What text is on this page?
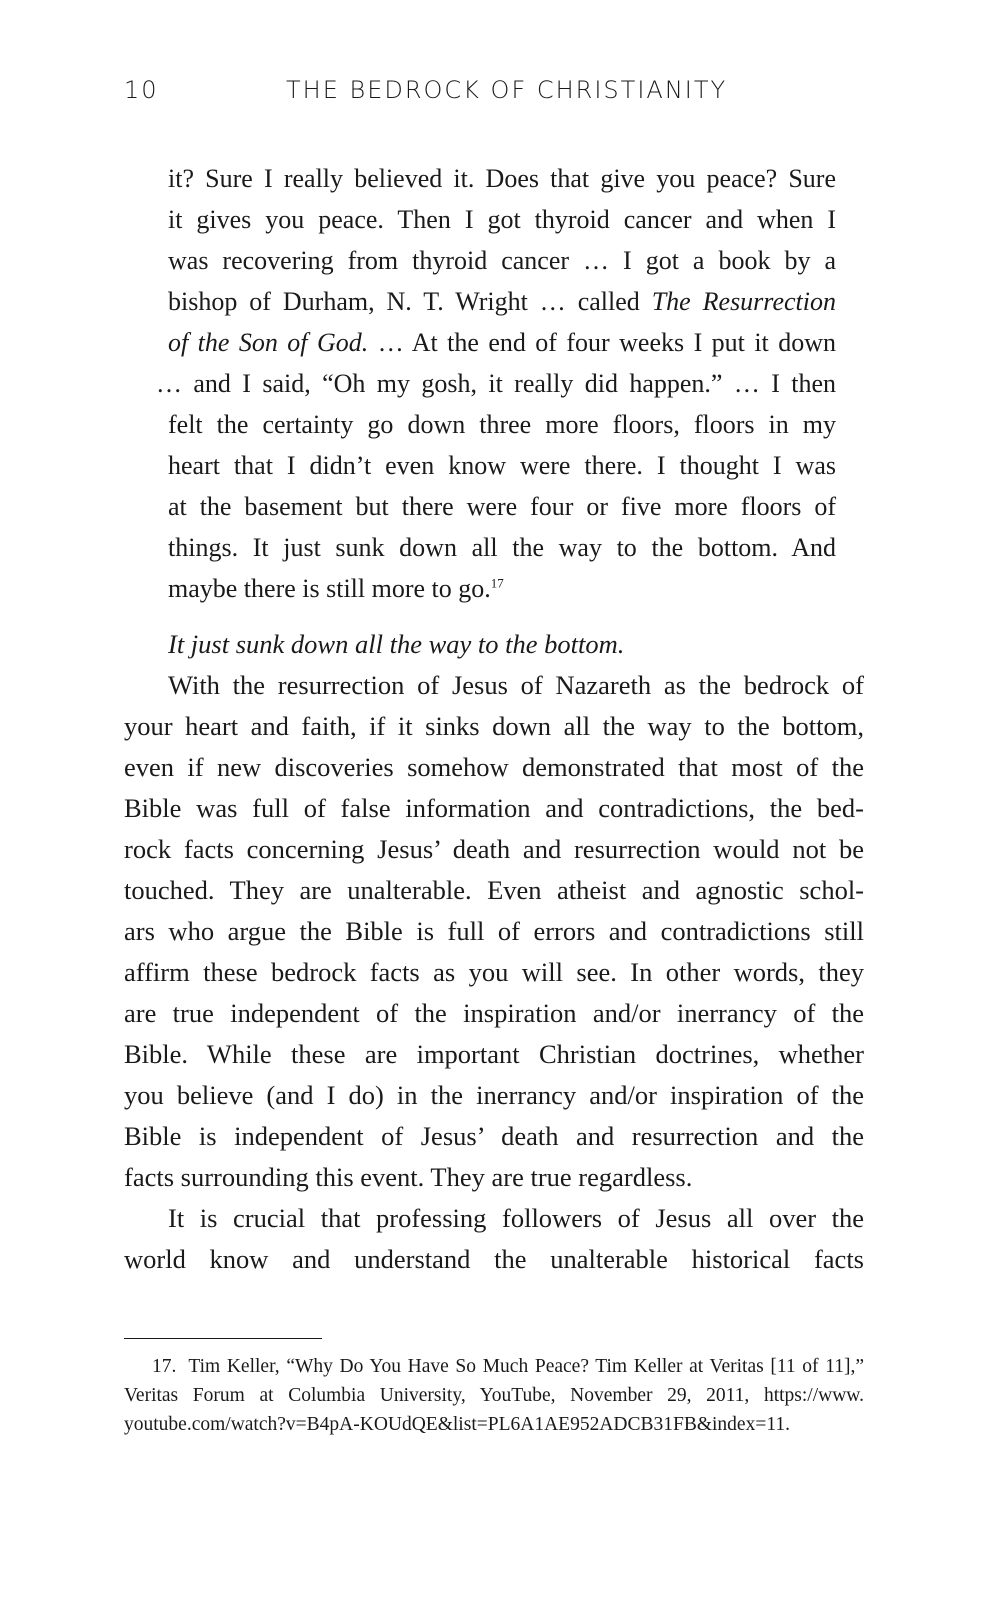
10	THE BEDROCK OF CHRISTIANITY
it? Sure I really believed it. Does that give you peace? Sure
it gives you peace. Then I got thyroid cancer and when I
was recovering from thyroid cancer … I got a book by a
bishop of Durham, N. T. Wright … called The Resurrection
of the Son of God. … At the end of four weeks I put it down
… and I said, “Oh my gosh, it really did happen.” … I then
felt the certainty go down three more floors, floors in my
heart that I didn’t even know were there. I thought I was
at the basement but there were four or five more floors of
things. It just sunk down all the way to the bottom. And
maybe there is still more to go.$^{17}$
It just sunk down all the way to the bottom.
With the resurrection of Jesus of Nazareth as the bedrock of
your heart and faith, if it sinks down all the way to the bottom,
even if new discoveries somehow demonstrated that most of the
Bible was full of false information and contradictions, the bed-
rock facts concerning Jesus’ death and resurrection would not be
touched. They are unalterable. Even atheist and agnostic schol-
ars who argue the Bible is full of errors and contradictions still
affirm these bedrock facts as you will see. In other words, they
are true independent of the inspiration and/or inerrancy of the
Bible. While these are important Christian doctrines, whether
you believe (and I do) in the inerrancy and/or inspiration of the
Bible is independent of Jesus’ death and resurrection and the
facts surrounding this event. They are true regardless.
It is crucial that professing followers of Jesus all over the
world know and understand the unalterable historical facts
17. Tim Keller, “Why Do You Have So Much Peace? Tim Keller at Veritas [11 of 11],”
Veritas Forum at Columbia University, YouTube, November 29, 2011, https://www.
youtube.com/watch?v=B4pA-KOUdQE&list=PL6A1AE952ADCB31FB&index=11.
